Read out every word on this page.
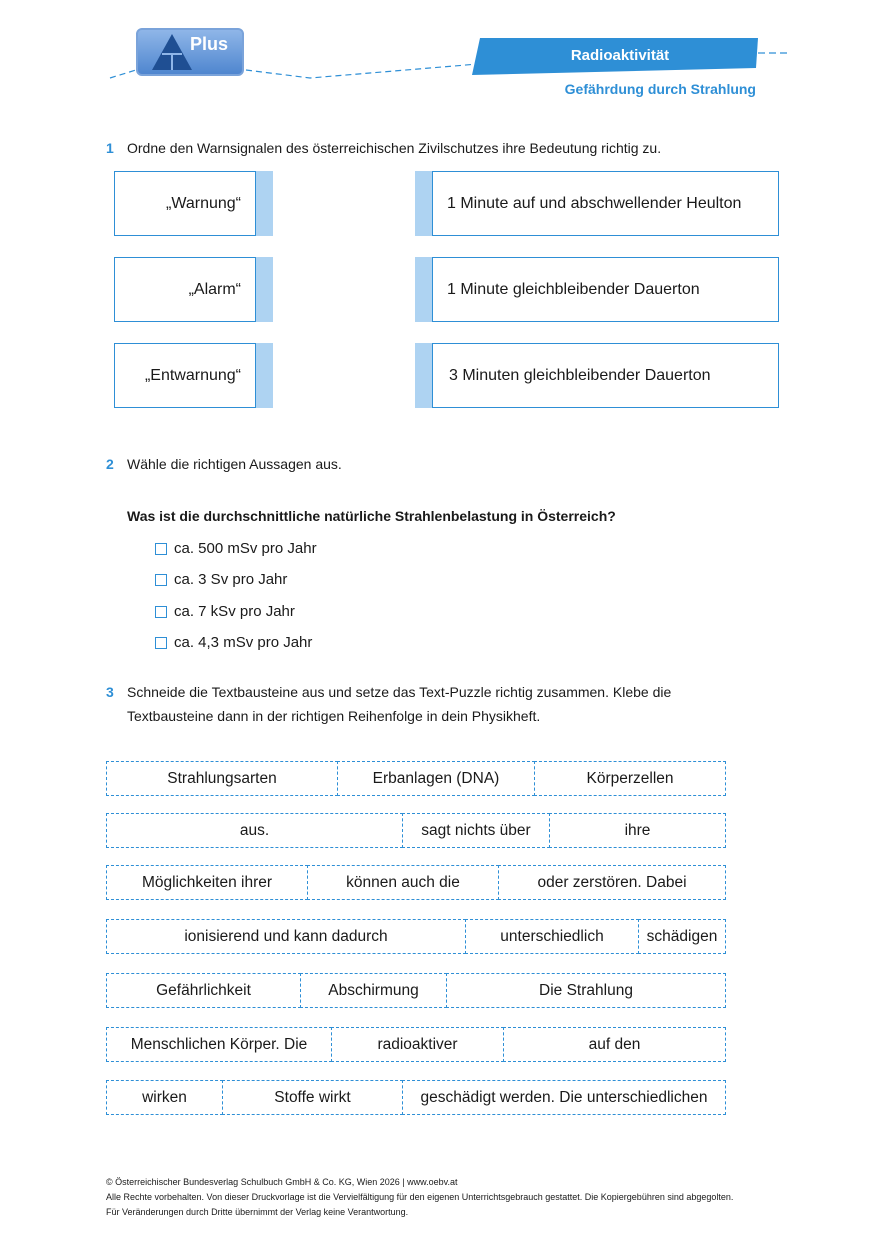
Plus
Radioaktivität
Gefährdung durch Strahlung
1 Ordne den Warnsignalen des österreichischen Zivilschutzes ihre Bedeutung richtig zu.
„Warnung“
„Alarm“
„Entwarnung“
1 Minute auf und abschwellender Heulton
1 Minute gleichbleibender Dauerton
3 Minuten gleichbleibender Dauerton
2 Wähle die richtigen Aussagen aus.
Was ist die durchschnittliche natürliche Strahlenbelastung in Österreich?
ca. 500 mSv pro Jahr
ca. 3 Sv pro Jahr
ca. 7 kSv pro Jahr
ca. 4,3 mSv pro Jahr
3 Schneide die Textbausteine aus und setze das Text-Puzzle richtig zusammen. Klebe die
Textbausteine dann in der richtigen Reihenfolge in dein Physikheft.
Strahlungsarten	Erbanlagen (DNA)	Körperzellen
aus.	sagt nichts über	ihre
Möglichkeiten ihrer	können auch die	oder zerstören. Dabei
ionisierend und kann dadurch	unterschiedlich	schädigen
Gefährlichkeit	Abschirmung	Die Strahlung
Menschlichen Körper. Die	radioaktiver	auf den
wirken	Stoffe wirkt	geschädigt werden. Die unterschiedlichen
© Österreichischer Bundesverlag Schulbuch GmbH & Co. KG, Wien 2026 | www.oebv.at
Alle Rechte vorbehalten. Von dieser Druckvorlage ist die Vervielfältigung für den eigenen Unterrichtsgebrauch gestattet. Die Kopiergebühren sind abgegolten.
Für Veränderungen durch Dritte übernimmt der Verlag keine Verantwortung.
